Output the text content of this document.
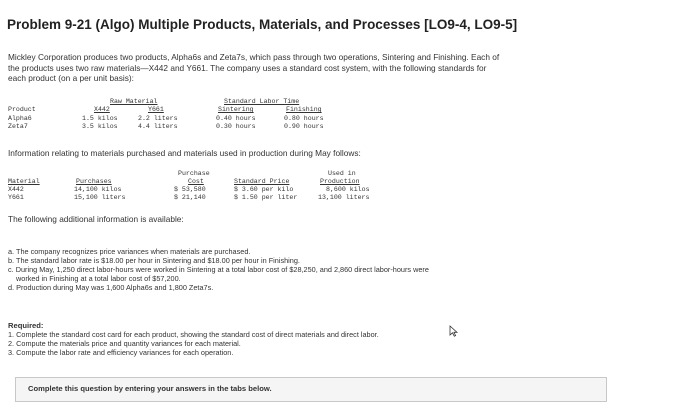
Problem 9-21 (Algo) Multiple Products, Materials, and Processes [LO9-4, LO9-5]
Mickley Corporation produces two products, Alpha6s and Zeta7s, which pass through two operations, Sintering and Finishing. Each of
the products uses two raw materials—X442 and Y661. The company uses a standard cost system, with the following standards for
each product (on a per unit basis):
Raw Material	Standard Labor Time
Product	X442	Y661	Sintering	Finishing
Alpha6	1.5 kilos	2.2 liters	0.40 hours	0.80 hours
Zeta7	3.5 kilos	4.4 liters	0.30 hours	0.90 hours
Information relating to materials purchased and materials used in production during May follows:
Purchase	Used in
Material	Purchases	Cost	Standard Price	Production
X442	14,100 kilos	$ 53,580	$ 3.60 per kilo	8,600 kilos
Y661	15,100 liters	$ 21,140	$ 1.50 per liter	13,100 liters
The following additional information is available:
a. The company recognizes price variances when materials are purchased.
b. The standard labor rate is $18.00 per hour in Sintering and $18.00 per hour in Finishing.
c. During May, 1,250 direct labor-hours were worked in Sintering at a total labor cost of $28,250, and 2,860 direct labor-hours were
worked in Finishing at a total labor cost of $57,200.
d. Production during May was 1,600 Alpha6s and 1,800 Zeta7s.
Required:
1. Complete the standard cost card for each product, showing the standard cost of direct materials and direct labor.
2. Compute the materials price and quantity variances for each material.
3. Compute the labor rate and efficiency variances for each operation.
Complete this question by entering your answers in the tabs below.
